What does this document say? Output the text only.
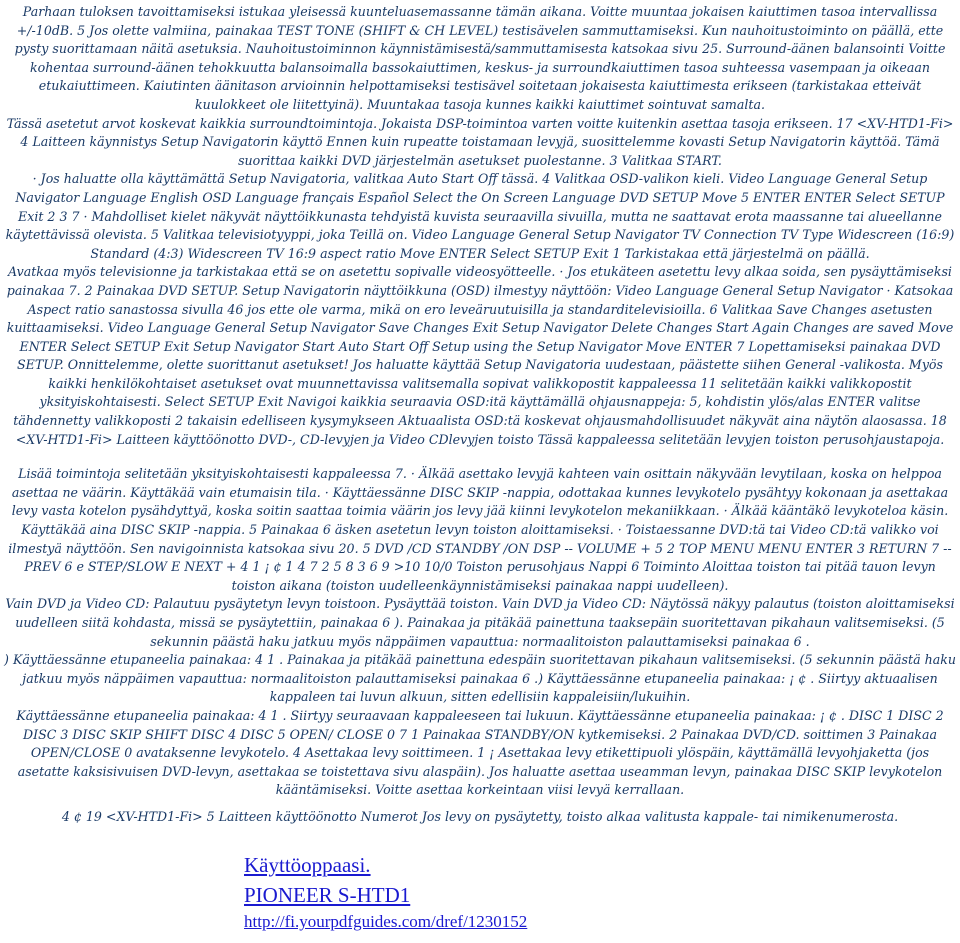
Parhaan tuloksen tavoittamiseksi istukaa yleisessä kuunteluasemassanne tämän aikana. Voitte muuntaa jokaisen kaiuttimen tasoa intervallissa +/-10dB. 5 Jos olette valmiina, painakaa TEST TONE (SHIFT & CH LEVEL) testisävelen sammuttamiseksi. Kun nauhoitustoiminto on päällä, ette pysty suorittamaan näitä asetuksia. Nauhoitustoiminnon käynnistämisestä/sammuttamisesta katsokaa sivu 25. Surround-äänen balansointi Voitte kohentaa surround-äänen tehokkuutta balansoimalla bassokaiuttimen, keskus- ja surroundkaiuttimen tasoa suhteessa vasempaan ja oikeaan etukaiuttimeen. Kaiutinten äänitason arvioinnin helpottamiseksi testisävel soitetaan jokaisesta kaiuttimesta erikseen (tarkistakaa etteivät kuulokkeet ole liitettyinä). Muuntakaa tasoja kunnes kaikki kaiuttimet sointuvat samalta.

Tässä asetetut arvot koskevat kaikkia surroundtoimintoja. Jokaista DSP-toimintoa varten voitte kuitenkin asettaa tasoja erikseen. 17 <XV-HTD1-Fi> 4 Laitteen käynnistys Setup Navigatorin käyttö Ennen kuin rupeatte toistamaan levyjä, suosittelemme kovasti Setup Navigatorin käyttöä. Tämä suorittaa kaikki DVD järjestelmän asetukset puolestanne. 3 Valitkaa START.

· Jos haluatte olla käyttämättä Setup Navigatoria, valitkaa Auto Start Off tässä. 4 Valitkaa OSD-valikon kieli. Video Language General Setup Navigator Language English OSD Language français Español Select the On Screen Language DVD SETUP Move 5 ENTER ENTER Select SETUP Exit 2 3 7 · Mahdolliset kielet näkyvät näyttöikkunasta tehdyistä kuvista seuraavilla sivuilla, mutta ne saattavat erota maassanne tai alueellanne käytettävissä olevista. 5 Valitkaa televisiotyyppi, joka Teillä on. Video Language General Setup Navigator TV Connection TV Type Widescreen (16:9) Standard (4:3) Widescreen TV 16:9 aspect ratio Move ENTER Select SETUP Exit 1 Tarkistakaa että järjestelmä on päällä.

Avatkaa myös televisionne ja tarkistakaa että se on asetettu sopivalle videosyötteelle. · Jos etukäteen asetettu levy alkaa soida, sen pysäyttämiseksi painakaa 7. 2 Painakaa DVD SETUP. Setup Navigatorin näyttöikkuna (OSD) ilmestyy näyttöön: Video Language General Setup Navigator · Katsokaa Aspect ratio sanastossa sivulla 46 jos ette ole varma, mikä on ero leveäruutuisilla ja standarditelevisioilla. 6 Valitkaa Save Changes asetusten kuittaamiseksi. Video Language General Setup Navigator Save Changes Exit Setup Navigator Delete Changes Start Again Changes are saved Move ENTER Select SETUP Exit Setup Navigator Start Auto Start Off Setup using the Setup Navigator Move ENTER 7 Lopettamiseksi painakaa DVD SETUP. Onnittelemme, olette suorittanut asetukset! Jos haluatte käyttää Setup Navigatoria uudestaan, päästette siihen General -valikosta. Myös kaikki henkilökohtaiset asetukset ovat muunnettavissa valitsemalla sopivat valikkopostit kappaleessa 11 selitetään kaikki valikkopostit yksityiskohtaisesti. Select SETUP Exit Navigoi kaikkia seuraavia OSD:itä käyttämällä ohjausnappeja: 5, kohdistin ylös/alas ENTER valitse tähdennetty valikkoposti 2 takaisin edelliseen kysymykseen Aktuaalista OSD:tä koskevat ohjausmahdollisuudet näkyvät aina näytön alaosassa. 18 <XV-HTD1-Fi> Laitteen käyttöönotto DVD-, CD-levyjen ja Video CDlevyjen toisto Tässä kappaleessa selitetään levyjen toiston perusohjaustapoja.

Lisää toimintoja selitetään yksityiskohtaisesti kappaleessa 7. · Älkää asettako levyjä kahteen vain osittain näkyvään levytilaan, koska on helppoa asettaa ne väärin. Käyttäkää vain etumaisin tila. · Käyttäessänne DISC SKIP -nappia, odottakaa kunnes levykotelo pysähtyy kokonaan ja asettakaa levy vasta kotelon pysähdyttyä, koska soitin saattaa toimia väärin jos levy jää kiinni levykotelon mekaniikkaan. · Älkää kääntäkö levykoteloa käsin. Käyttäkää aina DISC SKIP -nappia. 5 Painakaa 6 äsken asetetun levyn toiston aloittamiseksi. · Toistaessanne DVD:tä tai Video CD:tä valikko voi ilmestyä näyttöön. Sen navigoinnista katsokaa sivu 20. 5 DVD /CD STANDBY /ON DSP -- VOLUME + 5 2 TOP MENU MENU ENTER 3 RETURN 7 -- PREV 6 e STEP/SLOW E NEXT + 4 1 ¡ ¢ 1 4 7 2 5 8 3 6 9 >10 10/0 Toiston perusohjaus Nappi 6 Toiminto Aloittaa toiston tai pitää tauon levyn toiston aikana (toiston uudelleenkäynnistämiseksi painakaa nappi uudelleen).

Vain DVD ja Video CD: Palautuu pysäytetyn levyn toistoon. Pysäyttää toiston. Vain DVD ja Video CD: Näytössä näkyy palautus (toiston aloittamiseksi uudelleen siitä kohdasta, missä se pysäytettiin, painakaa 6 ). Painakaa ja pitäkää painettuna taaksepäin suoritettavan pikahaun valitsemiseksi. (5 sekunnin päästä haku jatkuu myös näppäimen vapauttua: normaalitoiston palauttamiseksi painakaa 6 .

) Käyttäessänne etupaneelia painakaa: 4 1 . Painakaa ja pitäkää painettuna edespäin suoritettavan pikahaun valitsemiseksi. (5 sekunnin päästä haku jatkuu myös näppäimen vapauttua: normaalitoiston palauttamiseksi painakaa 6 .) Käyttäessänne etupaneelia painakaa: ¡ ¢ . Siirtyy aktuaalisen kappaleen tai luvun alkuun, sitten edellisiin kappaleisiin/lukuihin.

Käyttäessänne etupaneelia painakaa: 4 1 . Siirtyy seuraavaan kappaleeseen tai lukuun. Käyttäessänne etupaneelia painakaa: ¡ ¢ . DISC 1 DISC 2 DISC 3 DISC SKIP SHIFT DISC 4 DISC 5 OPEN/ CLOSE 0 7 1 Painakaa STANDBY/ON kytkemiseksi. 2 Painakaa DVD/CD. soittimen 3 Painakaa OPEN/CLOSE 0 avataksenne levykotelo. 4 Asettakaa levy soittimeen. 1 ¡ Asettakaa levy etikettipuoli ylöspäin, käyttämällä levyohjaketta (jos asetatte kaksisivuisen DVD-levyn, asettakaa se toistettava sivu alaspäin). Jos haluatte asettaa useamman levyn, painakaa DISC SKIP levykotelon kääntämiseksi. Voitte asettaa korkeintaan viisi levyä kerrallaan.

4 ¢ 19 <XV-HTD1-Fi> 5 Laitteen käyttöönotto Numerot Jos levy on pysäytetty, toisto alkaa valitusta kappale- tai nimikenumerosta.

Käyttöoppaasi.
PIONEER S-HTD1
http://fi.yourpdfguides.com/dref/1230152
